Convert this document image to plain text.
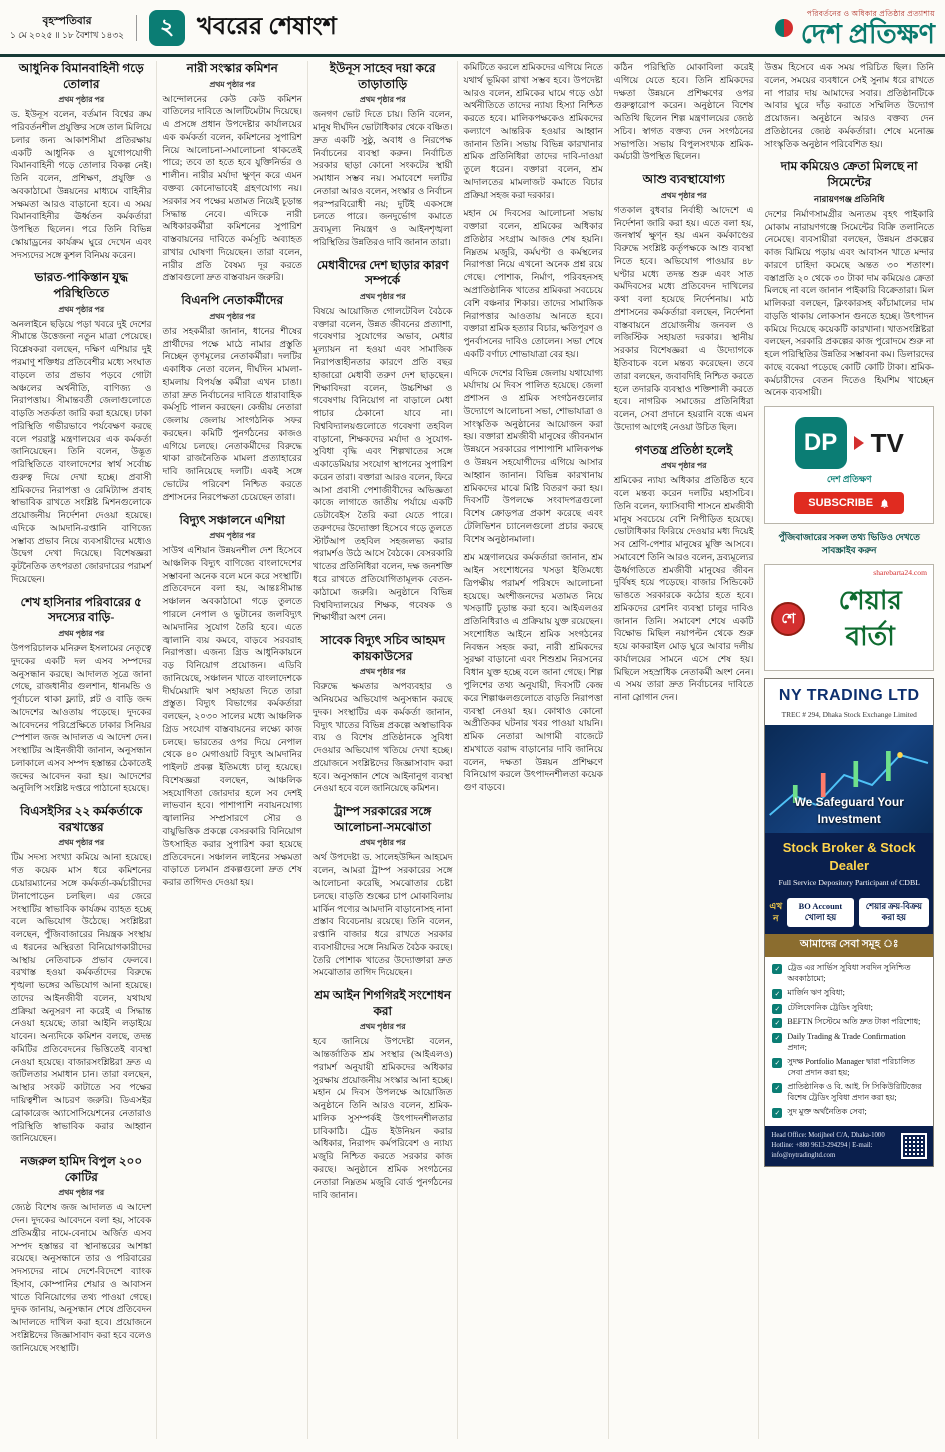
বৃহস্পতিবার
১ মে ২০২৫ ॥ ১৮ বৈশাখ ১৪৩২ ২ খবরের শেষাংশ
পরিবর্তনের ও অধিকার প্রতিষ্ঠার প্রত্যাশায়
দেশ প্রতিক্ষণ
আধুনিক বিমানবাহিনী গড়ে তোলার
প্রথম পৃষ্ঠার পর

ড. ইউনূস বলেন, বর্তমান বিশ্বের ক্রম পরিবর্তনশীল প্রযুক্তির সঙ্গে তাল মিলিয়ে চলার জন্য আকাশসীমা প্রতিরক্ষায় একটি আধুনিক ও যুগোপযোগী বিমানবাহিনী গড়ে তোলার বিকল্প নেই। তিনি বলেন, প্রশিক্ষণ, প্রযুক্তি ও অবকাঠামো উন্নয়নের মাধ্যমে বাহিনীর সক্ষমতা আরও বাড়ানো হবে। এ সময় বিমানবাহিনীর ঊর্ধ্বতন কর্মকর্তারা উপস্থিত ছিলেন। পরে তিনি বিভিন্ন স্কোয়াড্রনের কার্যক্রম ঘুরে দেখেন এবং সদস্যদের সঙ্গে কুশল বিনিময় করেন।

ভারত-পাকিস্তান যুদ্ধ পরিস্থিতিতে
প্রথম পৃষ্ঠার পর

অনলাইনে ছড়িয়ে পড়া খবরে দুই দেশের সীমান্তে উত্তেজনা নতুন মাত্রা পেয়েছে। বিশ্লেষকরা বলছেন, দক্ষিণ এশিয়ার দুই পরমাণু শক্তিধর প্রতিবেশীর মধ্যে সংঘাত বাড়লে তার প্রভাব পড়বে গোটা অঞ্চলের অর্থনীতি, বাণিজ্য ও নিরাপত্তায়। সীমান্তবর্তী জেলাগুলোতে বাড়তি সতর্কতা জারি করা হয়েছে। ঢাকা পরিস্থিতি গভীরভাবে পর্যবেক্ষণ করছে বলে পররাষ্ট্র মন্ত্রণালয়ের এক কর্মকর্তা জানিয়েছেন। তিনি বলেন, উদ্ভূত পরিস্থিতিতে বাংলাদেশের স্বার্থ সর্বোচ্চ গুরুত্ব দিয়ে দেখা হচ্ছে। প্রবাসী শ্রমিকদের নিরাপত্তা ও রেমিট্যান্স প্রবাহ স্বাভাবিক রাখতে সংশ্লিষ্ট মিশনগুলোকে প্রয়োজনীয় নির্দেশনা দেওয়া হয়েছে। এদিকে আমদানি-রপ্তানি বাণিজ্যে সম্ভাব্য প্রভাব নিয়ে ব্যবসায়ীদের মধ্যেও উদ্বেগ দেখা দিয়েছে। বিশেষজ্ঞরা কূটনৈতিক তৎপরতা জোরদারের পরামর্শ দিয়েছেন।

শেখ হাসিনার পরিবারের ৫ সদস্যের বাড়ি-
প্রথম পৃষ্ঠার পর

উপপরিচালক মনিরুল ইসলামের নেতৃত্বে দুদকের একটি দল এসব সম্পদের অনুসন্ধান করছে। আদালত সূত্রে জানা গেছে, রাজধানীর গুলশান, ধানমন্ডি ও পূর্বাচলে থাকা ফ্ল্যাট, প্লট ও বাড়ি জব্দ আদেশের আওতায় পড়েছে। দুদকের আবেদনের পরিপ্রেক্ষিতে ঢাকার সিনিয়র স্পেশাল জজ আদালত এ আদেশ দেন। সংস্থাটির আইনজীবী জানান, অনুসন্ধান চলাকালে এসব সম্পদ হস্তান্তর ঠেকাতেই জব্দের আবেদন করা হয়। আদেশের অনুলিপি সংশ্লিষ্ট দপ্তরে পাঠানো হয়েছে।

বিএসইসির ২২ কর্মকর্তাকে বরখাস্তের
প্রথম পৃষ্ঠার পর

টিম সদস্য সংখ্যা কমিয়ে আনা হয়েছে। গত কয়েক মাস ধরে কমিশনের চেয়ারম্যানের সঙ্গে কর্মকর্তা-কর্মচারীদের টানাপোড়েন চলছিল। এর জেরে সংস্থাটির স্বাভাবিক কার্যক্রম ব্যাহত হচ্ছে বলে অভিযোগ উঠেছে। সংশ্লিষ্টরা বলছেন, পুঁজিবাজারের নিয়ন্ত্রক সংস্থায় এ ধরনের অস্থিরতা বিনিয়োগকারীদের আস্থায় নেতিবাচক প্রভাব ফেলবে। বরখাস্ত হওয়া কর্মকর্তাদের বিরুদ্ধে শৃঙ্খলা ভঙ্গের অভিযোগ আনা হয়েছে। তাদের আইনজীবী বলেন, যথাযথ প্রক্রিয়া অনুসরণ না করেই এ সিদ্ধান্ত নেওয়া হয়েছে; তারা আইনি লড়াইয়ে যাবেন। অন্যদিকে কমিশন বলছে, তদন্ত কমিটির প্রতিবেদনের ভিত্তিতেই ব্যবস্থা নেওয়া হয়েছে। বাজারসংশ্লিষ্টরা দ্রুত এ জটিলতার সমাধান চান। তারা বলছেন, আস্থার সংকট কাটাতে সব পক্ষের দায়িত্বশীল আচরণ জরুরি। ডিএসইর ব্রোকারেজ অ্যাসোসিয়েশনের নেতারাও পরিস্থিতি স্বাভাবিক করার আহ্বান জানিয়েছেন।

নজরুল হামিদ বিপুল ২০০ কোটির
প্রথম পৃষ্ঠার পর

জ্যেষ্ঠ বিশেষ জজ আদালত এ আদেশ দেন। দুদকের আবেদনে বলা হয়, সাবেক প্রতিমন্ত্রীর নামে-বেনামে অর্জিত এসব সম্পদ হস্তান্তর বা স্থানান্তরের আশঙ্কা রয়েছে। অনুসন্ধানে তার ও পরিবারের সদস্যদের নামে দেশে-বিদেশে ব্যাংক হিসাব, কোম্পানির শেয়ার ও আবাসন খাতে বিনিয়োগের তথ্য পাওয়া গেছে। দুদক জানায়, অনুসন্ধান শেষে প্রতিবেদন আদালতে দাখিল করা হবে। প্রয়োজনে সংশ্লিষ্টদের জিজ্ঞাসাবাদ করা হবে বলেও জানিয়েছে সংস্থাটি।

নারী সংস্কার কমিশন
প্রথম পৃষ্ঠার পর

আন্দোলনের কেউ কেউ কমিশন বাতিলের দাবিতে আলটিমেটাম দিয়েছে। এ প্রসঙ্গে প্রধান উপদেষ্টার কার্যালয়ের এক কর্মকর্তা বলেন, কমিশনের সুপারিশ নিয়ে আলোচনা-সমালোচনা থাকতেই পারে; তবে তা হতে হবে যুক্তিনির্ভর ও শালীন। নারীর মর্যাদা ক্ষুণ্ন করে এমন বক্তব্য কোনোভাবেই গ্রহণযোগ্য নয়। সরকার সব পক্ষের মতামত নিয়েই চূড়ান্ত সিদ্ধান্ত নেবে। এদিকে নারী অধিকারকর্মীরা কমিশনের সুপারিশ বাস্তবায়নের দাবিতে কর্মসূচি অব্যাহত রাখার ঘোষণা দিয়েছেন। তারা বলেন, নারীর প্রতি বৈষম্য দূর করতে প্রস্তাবগুলো দ্রুত বাস্তবায়ন জরুরি।

বিএনপি নেতাকর্মীদের
প্রথম পৃষ্ঠার পর

তার সহকর্মীরা জানান, ধানের শীষের প্রার্থীদের পক্ষে মাঠে নামার প্রস্তুতি নিচ্ছেন তৃণমূলের নেতাকর্মীরা। দলটির একাধিক নেতা বলেন, দীর্ঘদিন মামলা-হামলায় বিপর্যস্ত কর্মীরা এখন চাঙা। তারা দ্রুত নির্বাচনের দাবিতে ধারাবাহিক কর্মসূচি পালন করছেন। কেন্দ্রীয় নেতারা জেলায় জেলায় সাংগঠনিক সফর করছেন। কমিটি পুনর্গঠনের কাজও এগিয়ে চলছে। নেতাকর্মীদের বিরুদ্ধে থাকা রাজনৈতিক মামলা প্রত্যাহারের দাবি জানিয়েছে দলটি। একই সঙ্গে ভোটের পরিবেশ নিশ্চিত করতে প্রশাসনের নিরপেক্ষতা চেয়েছেন তারা।

বিদ্যুৎ সঞ্চালনে এশিয়া
প্রথম পৃষ্ঠার পর

সাউথ এশিয়ান উন্নয়নশীল দেশ হিসেবে আঞ্চলিক বিদ্যুৎ বাণিজ্যে বাংলাদেশের সম্ভাবনা অনেক বলে মনে করে সংস্থাটি। প্রতিবেদনে বলা হয়, আন্তঃসীমান্ত সঞ্চালন অবকাঠামো গড়ে তুলতে পারলে নেপাল ও ভুটানের জলবিদ্যুৎ আমদানির সুযোগ তৈরি হবে। এতে জ্বালানি ব্যয় কমবে, বাড়বে সরবরাহ নিরাপত্তা। এজন্য গ্রিড আধুনিকায়নে বড় বিনিয়োগ প্রয়োজন। এডিবি জানিয়েছে, সঞ্চালন খাতে বাংলাদেশকে দীর্ঘমেয়াদি ঋণ সহায়তা দিতে তারা প্রস্তুত। বিদ্যুৎ বিভাগের কর্মকর্তারা বলছেন, ২০৩০ সালের মধ্যে আঞ্চলিক গ্রিড সংযোগ বাস্তবায়নের লক্ষ্যে কাজ চলছে। ভারতের ওপর দিয়ে নেপাল থেকে ৪০ মেগাওয়াট বিদ্যুৎ আমদানির পাইলট প্রকল্প ইতিমধ্যে চালু হয়েছে। বিশেষজ্ঞরা বলছেন, আঞ্চলিক সহযোগিতা জোরদার হলে সব দেশই লাভবান হবে। পাশাপাশি নবায়নযোগ্য জ্বালানির সম্প্রসারণে সৌর ও বায়ুভিত্তিক প্রকল্পে বেসরকারি বিনিয়োগ উৎসাহিত করার সুপারিশ করা হয়েছে প্রতিবেদনে। সঞ্চালন লাইনের সক্ষমতা বাড়াতে চলমান প্রকল্পগুলো দ্রুত শেষ করার তাগিদও দেওয়া হয়।

ইউনূস সাহেব দয়া করে তাড়াতাড়ি
প্রথম পৃষ্ঠার পর

জনগণ ভোট দিতে চায়। তিনি বলেন, মানুষ দীর্ঘদিন ভোটাধিকার থেকে বঞ্চিত। দ্রুত একটি সুষ্ঠু, অবাধ ও নিরপেক্ষ নির্বাচনের ব্যবস্থা করুন। নির্বাচিত সরকার ছাড়া কোনো সংকটের স্থায়ী সমাধান সম্ভব নয়। সমাবেশে দলটির নেতারা আরও বলেন, সংস্কার ও নির্বাচন পরস্পরবিরোধী নয়; দুটিই একসঙ্গে চলতে পারে। জনদুর্ভোগ কমাতে দ্রব্যমূল্য নিয়ন্ত্রণ ও আইনশৃঙ্খলা পরিস্থিতির উন্নতিরও দাবি জানান তারা।

মেধাবীদের দেশ ছাড়ার কারণ সম্পর্কে
প্রথম পৃষ্ঠার পর

বিষয়ে আয়োজিত গোলটেবিল বৈঠকে বক্তারা বলেন, উন্নত জীবনের প্রত্যাশা, গবেষণার সুযোগের অভাব, মেধার মূল্যায়ন না হওয়া এবং সামাজিক নিরাপত্তাহীনতার কারণে প্রতি বছর হাজারো মেধাবী তরুণ দেশ ছাড়ছেন। শিক্ষাবিদরা বলেন, উচ্চশিক্ষা ও গবেষণায় বিনিয়োগ না বাড়ালে মেধা পাচার ঠেকানো যাবে না। বিশ্ববিদ্যালয়গুলোতে গবেষণা তহবিল বাড়ানো, শিক্ষকদের মর্যাদা ও সুযোগ-সুবিধা বৃদ্ধি এবং শিল্পখাতের সঙ্গে একাডেমিয়ার সংযোগ স্থাপনের সুপারিশ করেন তারা। বক্তারা আরও বলেন, ফিরে আসা প্রবাসী পেশাজীবীদের অভিজ্ঞতা কাজে লাগাতে জাতীয় পর্যায়ে একটি ডেটাবেইস তৈরি করা যেতে পারে। তরুণদের উদ্যোক্তা হিসেবে গড়ে তুলতে স্টার্টআপ তহবিল সহজলভ্য করার পরামর্শও উঠে আসে বৈঠকে। বেসরকারি খাতের প্রতিনিধিরা বলেন, দক্ষ জনশক্তি ধরে রাখতে প্রতিযোগিতামূলক বেতন-কাঠামো জরুরি। অনুষ্ঠানে বিভিন্ন বিশ্ববিদ্যালয়ের শিক্ষক, গবেষক ও শিক্ষার্থীরা অংশ নেন।

সাবেক বিদ্যুৎ সচিব আহমদ কায়কাউসের
প্রথম পৃষ্ঠার পর

বিরুদ্ধে ক্ষমতার অপব্যবহার ও অনিয়মের অভিযোগ অনুসন্ধান করছে দুদক। সংস্থাটির এক কর্মকর্তা জানান, বিদ্যুৎ খাতের বিভিন্ন প্রকল্পে অস্বাভাবিক ব্যয় ও বিশেষ প্রতিষ্ঠানকে সুবিধা দেওয়ার অভিযোগ খতিয়ে দেখা হচ্ছে। প্রয়োজনে সংশ্লিষ্টদের জিজ্ঞাসাবাদ করা হবে। অনুসন্ধান শেষে আইনানুগ ব্যবস্থা নেওয়া হবে বলে জানিয়েছে কমিশন।

ট্রাম্প সরকারের সঙ্গে আলোচনা-সমঝোতা
প্রথম পৃষ্ঠার পর

অর্থ উপদেষ্টা ড. সালেহউদ্দিন আহমেদ বলেন, আমরা ট্রাম্প সরকারের সঙ্গে আলোচনা করেছি, সমঝোতার চেষ্টা চলছে। বাড়তি শুল্কের চাপ মোকাবিলায় মার্কিন পণ্যের আমদানি বাড়ানোসহ নানা প্রস্তাব বিবেচনায় রয়েছে। তিনি বলেন, রপ্তানি বাজার ধরে রাখতে সরকার ব্যবসায়ীদের সঙ্গে নিয়মিত বৈঠক করছে। তৈরি পোশাক খাতের উদ্যোক্তারা দ্রুত সমঝোতার তাগিদ দিয়েছেন।

শ্রম আইন শিগগিরই সংশোধন করা
প্রথম পৃষ্ঠার পর

হবে জানিয়ে উপদেষ্টা বলেন, আন্তর্জাতিক শ্রম সংস্থার (আইএলও) পরামর্শ অনুযায়ী শ্রমিকদের অধিকার সুরক্ষায় প্রয়োজনীয় সংস্কার আনা হচ্ছে। মহান মে দিবস উপলক্ষে আয়োজিত অনুষ্ঠানে তিনি আরও বলেন, শ্রমিক-মালিক সুসম্পর্কই উৎপাদনশীলতার চাবিকাঠি। ট্রেড ইউনিয়ন করার অধিকার, নিরাপদ কর্মপরিবেশ ও ন্যায্য মজুরি নিশ্চিত করতে সরকার কাজ করছে। অনুষ্ঠানে শ্রমিক সংগঠনের নেতারা নিম্নতম মজুরি বোর্ড পুনর্গঠনের দাবি জানান।

কমিটিতে করলে শ্রমিকদের এগিয়ে নিতে যথার্থ ভূমিকা রাখা সম্ভব হবে। উপদেষ্টা আরও বলেন, শ্রমিকের ঘামে গড়ে ওঠা অর্থনীতিতে তাদের ন্যায্য হিস্যা নিশ্চিত করতে হবে। মালিকপক্ষকেও শ্রমিকদের কল্যাণে আন্তরিক হওয়ার আহ্বান জানান তিনি। সভায় বিভিন্ন কারখানার শ্রমিক প্রতিনিধিরা তাদের দাবি-দাওয়া তুলে ধরেন। বক্তারা বলেন, শ্রম আদালতের মামলাজট কমাতে বিচার প্রক্রিয়া সহজ করা দরকার।

মহান মে দিবসের আলোচনা সভায় বক্তারা বলেন, শ্রমিকের অধিকার প্রতিষ্ঠার সংগ্রাম আজও শেষ হয়নি। নিম্নতম মজুরি, কর্মঘণ্টা ও কর্মস্থলের নিরাপত্তা নিয়ে এখনো অনেক প্রশ্ন রয়ে গেছে। পোশাক, নির্মাণ, পরিবহনসহ অপ্রাতিষ্ঠানিক খাতের শ্রমিকরা সবচেয়ে বেশি বঞ্চনার শিকার। তাদের সামাজিক নিরাপত্তার আওতায় আনতে হবে। বক্তারা শ্রমিক হত্যার বিচার, ক্ষতিপূরণ ও পুনর্বাসনের দাবিও তোলেন। সভা শেষে একটি বর্ণাঢ্য শোভাযাত্রা বের হয়।

এদিকে দেশের বিভিন্ন জেলায় যথাযোগ্য মর্যাদায় মে দিবস পালিত হয়েছে। জেলা প্রশাসন ও শ্রমিক সংগঠনগুলোর উদ্যোগে আলোচনা সভা, শোভাযাত্রা ও সাংস্কৃতিক অনুষ্ঠানের আয়োজন করা হয়। বক্তারা শ্রমজীবী মানুষের জীবনমান উন্নয়নে সরকারের পাশাপাশি মালিকপক্ষ ও উন্নয়ন সহযোগীদের এগিয়ে আসার আহ্বান জানান। বিভিন্ন কারখানায় শ্রমিকদের মাঝে মিষ্টি বিতরণ করা হয়। দিবসটি উপলক্ষে সংবাদপত্রগুলো বিশেষ ক্রোড়পত্র প্রকাশ করেছে এবং টেলিভিশন চ্যানেলগুলো প্রচার করছে বিশেষ অনুষ্ঠানমালা।

শ্রম মন্ত্রণালয়ের কর্মকর্তারা জানান, শ্রম আইন সংশোধনের খসড়া ইতিমধ্যে ত্রিপক্ষীয় পরামর্শ পরিষদে আলোচনা হয়েছে। অংশীজনদের মতামত নিয়ে খসড়াটি চূড়ান্ত করা হবে। আইএলওর প্রতিনিধিরাও এ প্রক্রিয়ায় যুক্ত রয়েছেন। সংশোধিত আইনে শ্রমিক সংগঠনের নিবন্ধন সহজ করা, নারী শ্রমিকদের সুরক্ষা বাড়ানো এবং শিশুশ্রম নিরসনের বিধান যুক্ত হচ্ছে বলে জানা গেছে। শিল্প পুলিশের তথ্য অনুযায়ী, দিবসটি কেন্দ্র করে শিল্পাঞ্চলগুলোতে বাড়তি নিরাপত্তা ব্যবস্থা নেওয়া হয়। কোথাও কোনো অপ্রীতিকর ঘটনার খবর পাওয়া যায়নি। শ্রমিক নেতারা আগামী বাজেটে শ্রমখাতে বরাদ্দ বাড়ানোর দাবি জানিয়ে বলেন, দক্ষতা উন্নয়ন প্রশিক্ষণে বিনিয়োগ করলে উৎপাদনশীলতা কয়েক গুণ বাড়বে।

কঠিন পরিস্থিতি মোকাবিলা করেই এগিয়ে যেতে হবে। তিনি শ্রমিকদের দক্ষতা উন্নয়নে প্রশিক্ষণের ওপর গুরুত্বারোপ করেন। অনুষ্ঠানে বিশেষ অতিথি ছিলেন শিল্প মন্ত্রণালয়ের জ্যেষ্ঠ সচিব। স্বাগত বক্তব্য দেন সংগঠনের সভাপতি। সভায় বিপুলসংখ্যক শ্রমিক-কর্মচারী উপস্থিত ছিলেন।

আশু ব্যবস্থাযোগ্য
প্রথম পৃষ্ঠার পর

গতকাল বুধবার নির্বাহী আদেশে এ নির্দেশনা জারি করা হয়। এতে বলা হয়, জনস্বার্থ ক্ষুণ্ন হয় এমন কর্মকাণ্ডের বিরুদ্ধে সংশ্লিষ্ট কর্তৃপক্ষকে আশু ব্যবস্থা নিতে হবে। অভিযোগ পাওয়ার ৪৮ ঘণ্টার মধ্যে তদন্ত শুরু এবং সাত কর্মদিবসের মধ্যে প্রতিবেদন দাখিলের কথা বলা হয়েছে নির্দেশনায়। মাঠ প্রশাসনের কর্মকর্তারা বলছেন, নির্দেশনা বাস্তবায়নে প্রয়োজনীয় জনবল ও লজিস্টিক সহায়তা দরকার। স্থানীয় সরকার বিশেষজ্ঞরা এ উদ্যোগকে ইতিবাচক বলে মন্তব্য করেছেন। তবে তারা বলছেন, জবাবদিহি নিশ্চিত করতে হলে তদারকি ব্যবস্থাও শক্তিশালী করতে হবে। নাগরিক সমাজের প্রতিনিধিরা বলেন, সেবা প্রদানে হয়রানি বন্ধে এমন উদ্যোগ আগেই নেওয়া উচিত ছিল।

গণতন্ত্র প্রতিষ্ঠা হলেই
প্রথম পৃষ্ঠার পর

শ্রমিকের ন্যায্য অধিকার প্রতিষ্ঠিত হবে বলে মন্তব্য করেন দলটির মহাসচিব। তিনি বলেন, ফ্যাসিবাদী শাসনে শ্রমজীবী মানুষ সবচেয়ে বেশি নিপীড়িত হয়েছে। ভোটাধিকার ফিরিয়ে দেওয়ার মধ্য দিয়েই সব শ্রেণি-পেশার মানুষের মুক্তি আসবে। সমাবেশে তিনি আরও বলেন, দ্রব্যমূল্যের ঊর্ধ্বগতিতে শ্রমজীবী মানুষের জীবন দুর্বিষহ হয়ে পড়েছে। বাজার সিন্ডিকেট ভাঙতে সরকারকে কঠোর হতে হবে। শ্রমিকদের রেশনিং ব্যবস্থা চালুর দাবিও জানান তিনি। সমাবেশ শেষে একটি বিক্ষোভ মিছিল নয়াপল্টন থেকে শুরু হয়ে কাকরাইল মোড় ঘুরে আবার দলীয় কার্যালয়ের সামনে এসে শেষ হয়। মিছিলে সহস্রাধিক নেতাকর্মী অংশ নেন। এ সময় তারা দ্রুত নির্বাচনের দাবিতে নানা স্লোগান দেন।

উত্তম হিসেবে এক সময় পরিচিত ছিল। তিনি বলেন, সময়ের ব্যবধানে সেই সুনাম ধরে রাখতে না পারার দায় আমাদের সবার। প্রতিষ্ঠানটিকে আবার ঘুরে দাঁড় করাতে সম্মিলিত উদ্যোগ প্রয়োজন। অনুষ্ঠানে আরও বক্তব্য দেন প্রতিষ্ঠানের জ্যেষ্ঠ কর্মকর্তারা। শেষে মনোজ্ঞ সাংস্কৃতিক অনুষ্ঠান পরিবেশিত হয়।

দাম কমিয়েও ক্রেতা মিলছে না সিমেন্টের
নারায়ণগঞ্জ প্রতিনিধি

দেশের নির্মাণসামগ্রীর অন্যতম বৃহৎ পাইকারি মোকাম নারায়ণগঞ্জে সিমেন্টের বিক্রি তলানিতে নেমেছে। ব্যবসায়ীরা বলছেন, উন্নয়ন প্রকল্পের কাজ ঝিমিয়ে পড়ায় এবং আবাসন খাতে মন্দার কারণে চাহিদা কমেছে অন্তত ৩০ শতাংশ। বস্তাপ্রতি ২০ থেকে ৩০ টাকা দাম কমিয়েও ক্রেতা মিলছে না বলে জানান পাইকারি বিক্রেতারা। মিল মালিকরা বলছেন, ক্লিংকারসহ কাঁচামালের দাম বাড়তি থাকায় লোকসান গুনতে হচ্ছে। উৎপাদন কমিয়ে দিয়েছে কয়েকটি কারখানা। খাতসংশ্লিষ্টরা বলছেন, সরকারি প্রকল্পের কাজ পুরোদমে শুরু না হলে পরিস্থিতির উন্নতির সম্ভাবনা কম। ডিলারদের কাছে বকেয়া পড়েছে কোটি কোটি টাকা। শ্রমিক-কর্মচারীদের বেতন দিতেও হিমশিম খাচ্ছেন অনেক ব্যবসায়ী।

DP TV
দেশ প্রতিক্ষণ
SUBSCRIBE
পুঁজিবাজারের সকল তথ্য ভিডিও দেখতে সাবস্ক্রাইব করুন
sharebarta24.com
শে
শেয়ার বার্তা
NY TRADING LTD
TREC # 294, Dhaka Stock Exchange Limited
We Safeguard Your Investment
Stock Broker & Stock Dealer
Full Service Depository Participant of CDBL
এখন
BO Account খোলা হয়
শেয়ার ক্রয়-বিক্রয় করা হয়
আমাদের সেবা সমূহ ঃ
✓ ট্রেড এর সার্ভিস সুবিধা সবদিন সুনিশ্চিত অবকাঠামো;
✓ মার্জিন ঋণ সুবিধা;
✓ টেলিফোনিক ট্রেডিং সুবিধা;
✓ BEFTN সিস্টেমে অতি দ্রুত টাকা পরিশোধ;
✓ Daily Trading & Trade Confirmation প্রদান;
✓ সুদক্ষ Portfolio Manager দ্বারা পরিচালিত সেবা প্রদান করা হয়;
✓ প্রাতিষ্ঠানিক ও বি. আই. সি সিকিউরিটিজের বিশেষ ট্রেডিং সুবিধা প্রদান করা হয়;
✓ সুদ মুক্ত অর্থনৈতিক সেবা;
Head Office: Motijheel C/A, Dhaka-1000
Hotline: +880 9613-294294 | E-mail: info@nytradingltd.com
